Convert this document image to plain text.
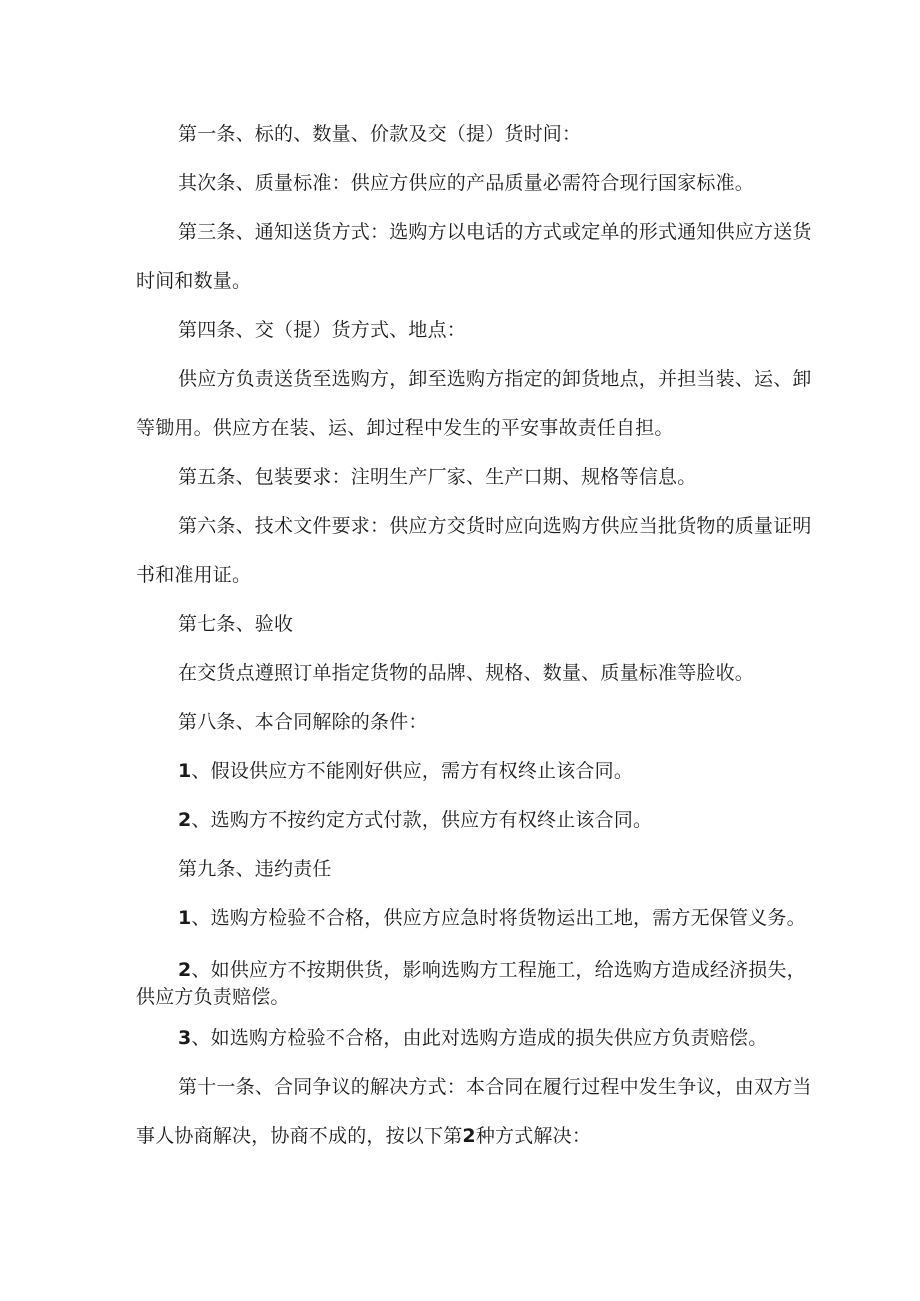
第一条、标的、数量、价款及交（提）货时间：

其次条、质量标准：供应方供应的产品质量必需符合现行国家标准。

第三条、通知送货方式：选购方以电话的方式或定单的形式通知供应方送货

时间和数量。

第四条、交（提）货方式、地点：

供应方负责送货至选购方，卸至选购方指定的卸货地点，并担当装、运、卸

等锄用。供应方在装、运、卸过程中发生的平安事故责任自担。

第五条、包装要求：注明生产厂家、生产口期、规格等信息。

第六条、技术文件要求：供应方交货时应向选购方供应当批货物的质量证明

书和准用证。

第七条、验收

在交货点遵照订单指定货物的品牌、规格、数量、质量标准等脸收。

第八条、本合同解除的条件：

1、假设供应方不能刚好供应，需方有权终止该合同。

2、选购方不按约定方式付款，供应方有权终止该合同。

第九条、违约责任

1、选购方检验不合格，供应方应急时将货物运出工地，需方无保管义务。

2、如供应方不按期供货，影响选购方工程施工，给选购方造成经济损失，

供应方负责赔偿。

3、如选购方检验不合格，由此对选购方造成的损失供应方负责赔偿。

第十一条、合同争议的解决方式：本合同在履行过程中发生争议，由双方当

事人协商解决，协商不成的，按以下第2种方式解决：
